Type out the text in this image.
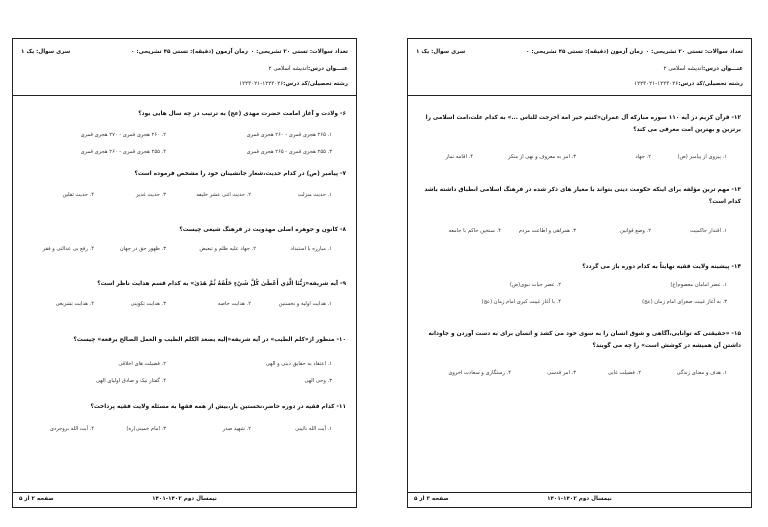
تعداد سوالات: تستی ۲۰ تشریحی: ۰
زمان آزمون (دقیقه): تستی ۴۵ تشریحی: ۰
سری سوال: یک ۱
عنـــوان درس:اندیشه اسلامی ۲
رشته تحصیلی/کد درس:۱۲۲۳۰۲۶-۱۲۲۳۰۲۱
۶- ولادت و آغاز امامت حضرت مهدی (عج) به ترتیب در چه سال هایی بود؟
۱. ۲۶۵ هجری قمری - ۲۶۰ هجری قمری
۲. ۲۶۰ هجری قمری - ۲۷۰ هجری قمری
۳. ۲۵۵ هجری قمری - ۲۶۵ هجری قمری
۴. ۲۵۵ هجری قمری - ۲۶۰ هجری قمری
۷- پیامبر (ص) در کدام حدیث،شعار جانشینان خود را مشخص فرموده است؟
۱. حدیث منزلت
۲. حدیث اثنی عشر خلیفه
۳. حدیث غدیر
۴. حدیث ثقلین
۸- کانون و جوهره اصلی مهدویت در فرهنگ شیعی چیست؟
۱. مبارزه با استبداد
۲. جهاد علیه ظلم و تبعیض
۳. ظهور حق در جهان
۴. رفع بی عدالتی و فقر
۹- آیه شریفه«رَبُّنَا الَّذِي أَعْطَىٰ كُلَّ شَيْءٍ خَلْقَهُ ثُمَّ هَدَىٰ» به کدام قسم هدایت ناظر است؟
۱. هدایت اولیه و نخستین
۲. هدایت خاصه
۳. هدایت تکوینی
۴. هدایت تشریعی
۱۰- منظور از«کلم الطیب» در آیه شریفه«إلیه یصعد الکلم الطیب و العمل الصالح یرفعه» چیست؟
۱. اعتقاد به حقایق دینی و الهی
۲. فضیلت های اخلاقی
۳. وحی الهی
۴. گفتار نیک و صادق اولیای الهی
۱۱- کدام فقیه در دوره حاضر،نخستین بار،بیش از همه فقها به مسئله ولایت فقیه پرداخت؟
۱. آیت الله نائینی
۲. شهید صدر
۳. امام خمینی(ره)
۴. آیت الله بروجردی
نیمسال دوم ۱۴۰۲-۱۴۰۱
صفحه ۲ از ۵
تعداد سوالات: تستی ۲۰ تشریحی: ۰
زمان آزمون (دقیقه): تستی ۴۵ تشریحی: ۰
سری سوال: یک ۱
عنـــوان درس:اندیشه اسلامی ۲
رشته تحصیلی/کد درس:۱۲۲۳۰۲۶-۱۲۲۳۰۲۱
۱۲- قرآن کریم در آیه ۱۱۰ سوره مبارکه آل عمران«کنتم خیر امة اخرجت للناس ...» به کدام علت،امت اسلامی را برترین و بهترین امت معرفی می کند؟
۱. پیروی از پیامبر (ص)
۲. جهاد
۳. امر به معروف و نهی از منکر
۴. اقامه نماز
۱۳- مهم ترین مؤلفه برای اینکه حکومت دینی بتواند با معیار های ذکر شده در فرهنگ اسلامی انطباق داشته باشد کدام است؟
۱. اقتدار حاکمیت
۲. وضع قوانین
۳. همراهی و اطاعت مردم
۴. سنخین حاکم با جامعه
۱۴- پیشینه ولایت فقیه نهایتاً به کدام دوره باز می گردد؟
۱. عصر امامان معصوم(ع)
۲. عصر حیات نبوی(ص)
۳. به آغاز غیبت صغرای امام زمان (عج)
۴. با آغاز غیبت کبری امام زمان (عج)
۱۵- «حقیقتی که توانایی،آگاهی و شوق انسان را به سوی خود می کشد و انسان برای به دست آوردن و جاودانه داشتن آن همیشه در کوشش است» را چه می گویند؟
۱. هدف و معنای زندگی
۲. فضیلت غایی
۳. امر قدسی
۴. رستگاری و سعادت اخروی
نیمسال دوم ۱۴۰۲-۱۴۰۱
صفحه ۳ از ۵
